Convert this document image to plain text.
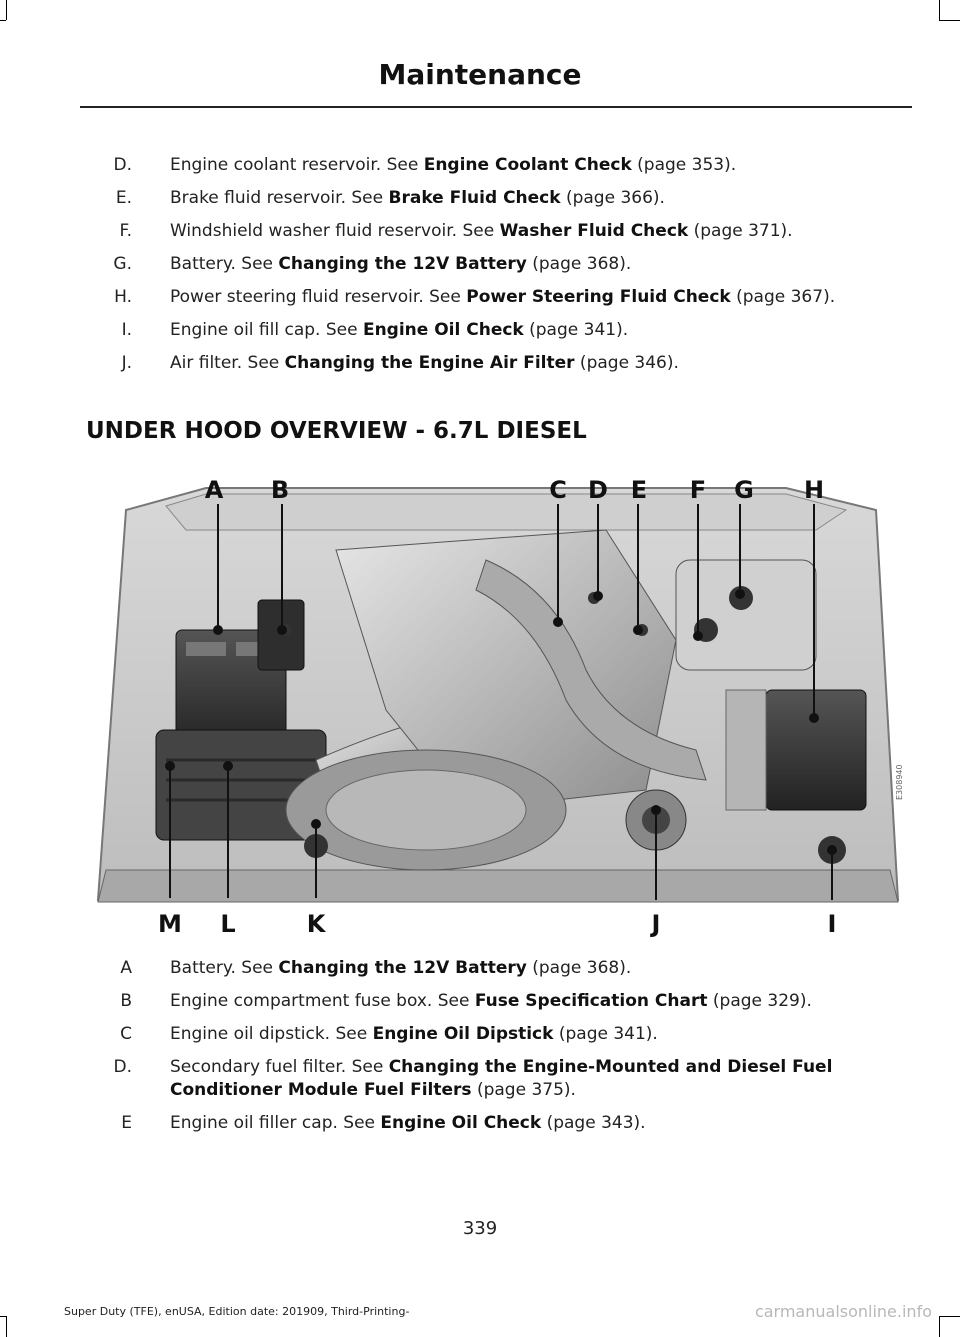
Maintenance
D. Engine coolant reservoir. See Engine Coolant Check (page 353).
E. Brake fluid reservoir. See Brake Fluid Check (page 366).
F. Windshield washer fluid reservoir. See Washer Fluid Check (page 371).
G. Battery. See Changing the 12V Battery (page 368).
H. Power steering fluid reservoir. See Power Steering Fluid Check (page 367).
I. Engine oil fill cap. See Engine Oil Check (page 341).
J. Air filter. See Changing the Engine Air Filter (page 346).
UNDER HOOD OVERVIEW - 6.7L DIESEL
A B	C D E F G H
M L	K	J	I
E308940
A Battery. See Changing the 12V Battery (page 368).
B Engine compartment fuse box. See Fuse Specification Chart (page 329).
C Engine oil dipstick. See Engine Oil Dipstick (page 341).
D. Secondary fuel filter. See Changing the Engine-Mounted and Diesel Fuel Conditioner Module Fuel Filters (page 375).
E Engine oil filler cap. See Engine Oil Check (page 343).
339
Super Duty (TFE), enUSA, Edition date: 201909, Third-Printing-	carmanualsonline.info
